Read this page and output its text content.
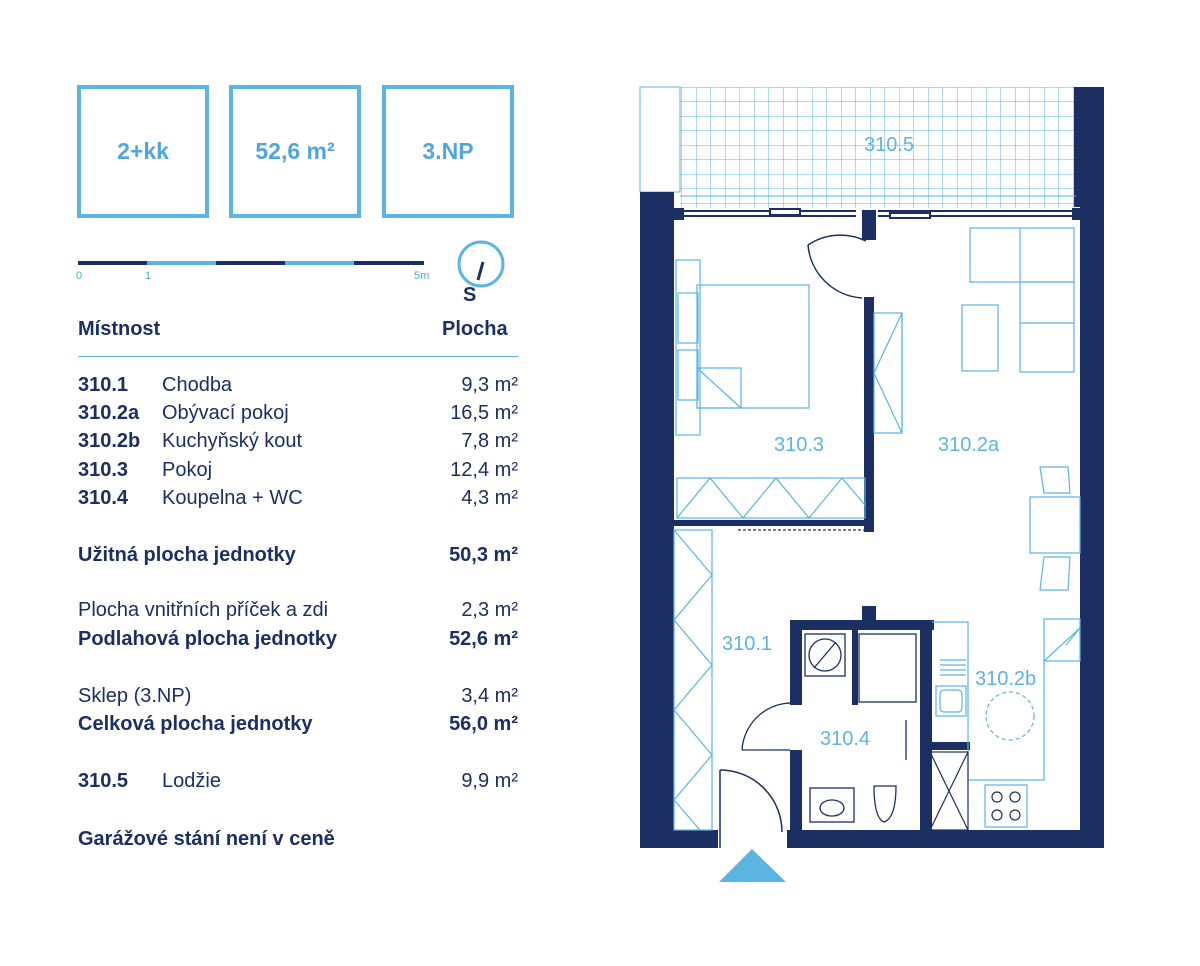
2+kk	52,6 m²	3.NP
0	1	5m
S
Místnost	Plocha
310.1 Chodba	9,3 m²
310.2a Obývací pokoj	16,5 m²
310.2b Kuchyňský kout	7,8 m²
310.3 Pokoj	12,4 m²
310.4 Koupelna + WC	4,3 m²
Užitná plocha jednotky	50,3 m²
Plocha vnitřních příček a zdi	2,3 m²
Podlahová plocha jednotky	52,6 m²
Sklep (3.NP)	3,4 m²
Celková plocha jednotky	56,0 m²
310.5 Lodžie	9,9 m²
Garážové stání není v ceně
310.5
310.3	310.2a
310.1
310.2b
310.4
